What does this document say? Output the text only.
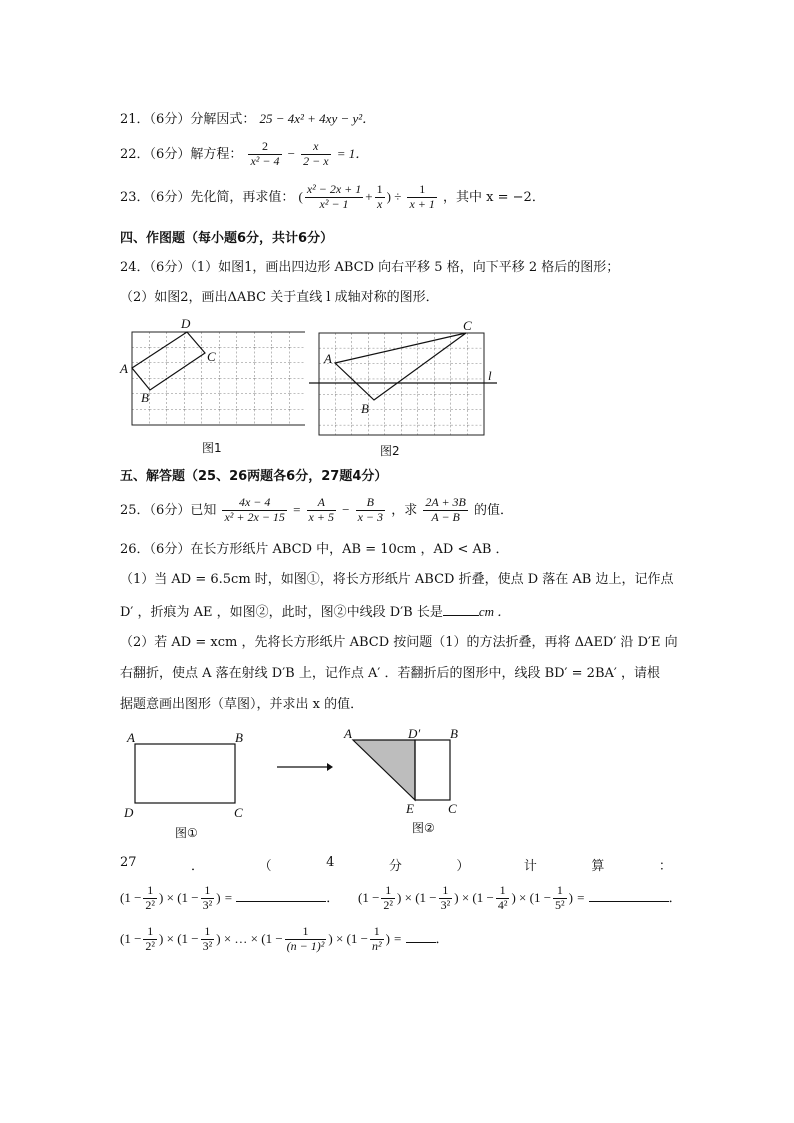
21．（6分）分解因式： 25 − 4x² + 4xy − y²．
22．（6分）解方程： $\frac{2}{\text{x² − 4}} - \frac{x}{2 - x} = 1$．
23．（6分）先化简，再求值： ( $\frac{\text{x² − 2x + 1}}{\text{x² − 1}} + \frac{1}{x}$ ) ÷ $\frac{1}{x + 1}$ ，其中 x = −2．
四、作图题（每小题6分，共计6分）
24．（6分）（1）如图1，画出四边形 ABCD 向右平移 5 格，向下平移 2 格后的图形；
（2）如图2，画出ΔABC 关于直线 l 成轴对称的图形．
A
B
C
D
图1
A
B
C
l
图2
五、解答题（25、26两题各6分，27题4分）
25．（6分）已知 $\frac{4x - 4}{\text{x² + 2x − 15}} = \frac{A}{x + 5} - \frac{B}{x - 3}$ ，求 $\frac{2A + 3B}{A - B}$ 的值．
26．（6分）在长方形纸片 ABCD 中，AB = 10cm ，AD < AB ．
（1）当 AD = 6.5cm 时，如图①，将长方形纸片 ABCD 折叠，使点 D 落在 AB 边上，记作点
D′ ，折痕为 AE ，如图②，此时，图②中线段 D′B 长是	cm ．
（2）若 AD = xcm ，先将长方形纸片 ABCD 按问题（1）的方法折叠，再将 ΔAED′ 沿 D′E 向
右翻折，使点 A 落在射线 D′B 上，记作点 A′ ．若翻折后的图形中，线段 BD′ = 2BA′ ，请根
据题意画出图形（草图），并求出 x 的值．
A	B
C
D
图①
A	D′ B
E	C
图②
27	．	（	4	分	）	计	算	：
($1 - \frac{1}{\text{2²}}$ ) × ($1 - \frac{1}{\text{3²}}$ ) =	． ($1 - \frac{1}{\text{2²}}$ ) × ($1 - \frac{1}{\text{3²}}$ ) × ($1 - \frac{1}{\text{4²}}$ ) × ($1 - \frac{1}{\text{5²}}$ ) =	．
($1 - \frac{1}{\text{2²}}$ ) × ($1 - \frac{1}{\text{3²}}$ ) × … × ($1 - \frac{1}{\text{(n − 1)²}}$ ) × ($1 - \frac{1}{\text{n²}}$ ) =	．
